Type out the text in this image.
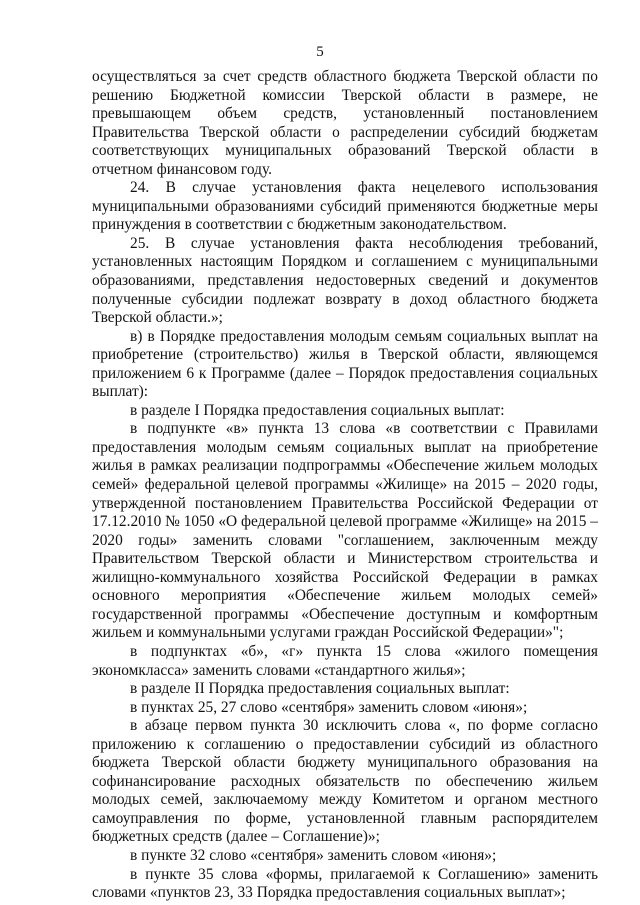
5

осуществляться за счет средств областного бюджета Тверской области по решению Бюджетной комиссии Тверской области в размере, не превышающем объем средств, установленный постановлением Правительства Тверской области о распределении субсидий бюджетам соответствующих муниципальных образований Тверской области в отчетном финансовом году.

24. В случае установления факта нецелевого использования муниципальными образованиями субсидий применяются бюджетные меры принуждения в соответствии с бюджетным законодательством.

25. В случае установления факта несоблюдения требований, установленных настоящим Порядком и соглашением с муниципальными образованиями, представления недостоверных сведений и документов полученные субсидии подлежат возврату в доход областного бюджета Тверской области.»;

в) в Порядке предоставления молодым семьям социальных выплат на приобретение (строительство) жилья в Тверской области, являющемся приложением 6 к Программе (далее – Порядок предоставления социальных выплат):

в разделе I Порядка предоставления социальных выплат:

в подпункте «в» пункта 13 слова «в соответствии с Правилами предоставления молодым семьям социальных выплат на приобретение жилья в рамках реализации подпрограммы «Обеспечение жильем молодых семей» федеральной целевой программы «Жилище» на 2015 – 2020 годы, утвержденной постановлением Правительства Российской Федерации от 17.12.2010 № 1050 «О федеральной целевой программе «Жилище» на 2015 – 2020 годы» заменить словами "соглашением, заключенным между Правительством Тверской области и Министерством строительства и жилищно-коммунального хозяйства Российской Федерации в рамках основного мероприятия «Обеспечение жильем молодых семей» государственной программы «Обеспечение доступным и комфортным жильем и коммунальными услугами граждан Российской Федерации»";

в подпунктах «б», «г» пункта 15 слова «жилого помещения экономкласса» заменить словами «стандартного жилья»;

в разделе II Порядка предоставления социальных выплат:

в пунктах 25, 27 слово «сентября» заменить словом «июня»;

в абзаце первом пункта 30 исключить слова «, по форме согласно приложению к соглашению о предоставлении субсидий из областного бюджета Тверской области бюджету муниципального образования на софинансирование расходных обязательств по обеспечению жильем молодых семей, заключаемому между Комитетом и органом местного самоуправления по форме, установленной главным распорядителем бюджетных средств (далее – Соглашение)»;

в пункте 32 слово «сентября» заменить словом «июня»;

в пункте 35 слова «формы, прилагаемой к Соглашению» заменить словами «пунктов 23, 33 Порядка предоставления социальных выплат»;
